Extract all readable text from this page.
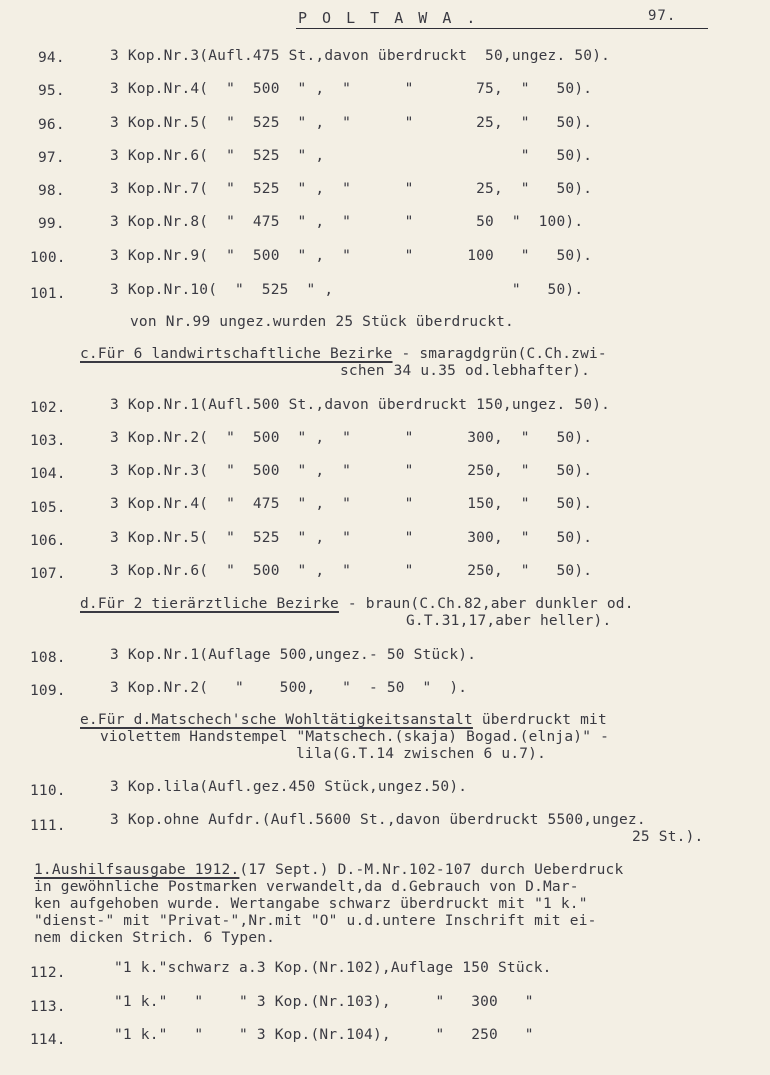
P O L T A W A .	97.
94.	3 Kop.Nr.3(Aufl.475 St.,davon überdruckt  50,ungez. 50).
95.	3 Kop.Nr.4(  "  500  " ,  "      "       75,  "   50).
96.	3 Kop.Nr.5(  "  525  " ,  "      "       25,  "   50).
97.	3 Kop.Nr.6(  "  525  " ,                      "   50).
98.	3 Kop.Nr.7(  "  525  " ,  "      "       25,  "   50).
99.	3 Kop.Nr.8(  "  475  " ,  "      "       50  "  100).
100.	3 Kop.Nr.9(  "  500  " ,  "      "      100   "   50).
101.	3 Kop.Nr.10(  "  525  " ,                    "   50).
von Nr.99 ungez.wurden 25 Stück überdruckt.
c.Für 6 landwirtschaftliche Bezirke - smaragdgrün(C.Ch.zwi-
schen 34 u.35 od.lebhafter).
102.	3 Kop.Nr.1(Aufl.500 St.,davon überdruckt 150,ungez. 50).
103.	3 Kop.Nr.2(  "  500  " ,  "      "      300,  "   50).
104.	3 Kop.Nr.3(  "  500  " ,  "      "      250,  "   50).
105.	3 Kop.Nr.4(  "  475  " ,  "      "      150,  "   50).
106.	3 Kop.Nr.5(  "  525  " ,  "      "      300,  "   50).
107.	3 Kop.Nr.6(  "  500  " ,  "      "      250,  "   50).
d.Für 2 tierärztliche Bezirke - braun(C.Ch.82,aber dunkler od.
G.T.31,17,aber heller).
108.	3 Kop.Nr.1(Auflage 500,ungez.- 50 Stück).
109.	3 Kop.Nr.2(   "    500,   "  - 50  "  ).
e.Für d.Matschech'sche Wohltätigkeitsanstalt überdruckt mit
violettem Handstempel "Matschech.(skaja) Bogad.(elnja)" -
lila(G.T.14 zwischen 6 u.7).
110.	3 Kop.lila(Aufl.gez.450 Stück,ungez.50).
111.	3 Kop.ohne Aufdr.(Aufl.5600 St.,davon überdruckt 5500,ungez.
25 St.).
1.Aushilfsausgabe 1912.(17 Sept.) D.-M.Nr.102-107 durch Ueberdruck
in gewöhnliche Postmarken verwandelt,da d.Gebrauch von D.Mar-
ken aufgehoben wurde. Wertangabe schwarz überdruckt mit "1 k."
"dienst-" mit "Privat-",Nr.mit "O" u.d.untere Inschrift mit ei-
nem dicken Strich. 6 Typen.
112.	"1 k."schwarz a.3 Kop.(Nr.102),Auflage 150 Stück.
113.	"1 k."   "    " 3 Kop.(Nr.103),     "   300   "
114.	"1 k."   "    " 3 Kop.(Nr.104),     "   250   "
